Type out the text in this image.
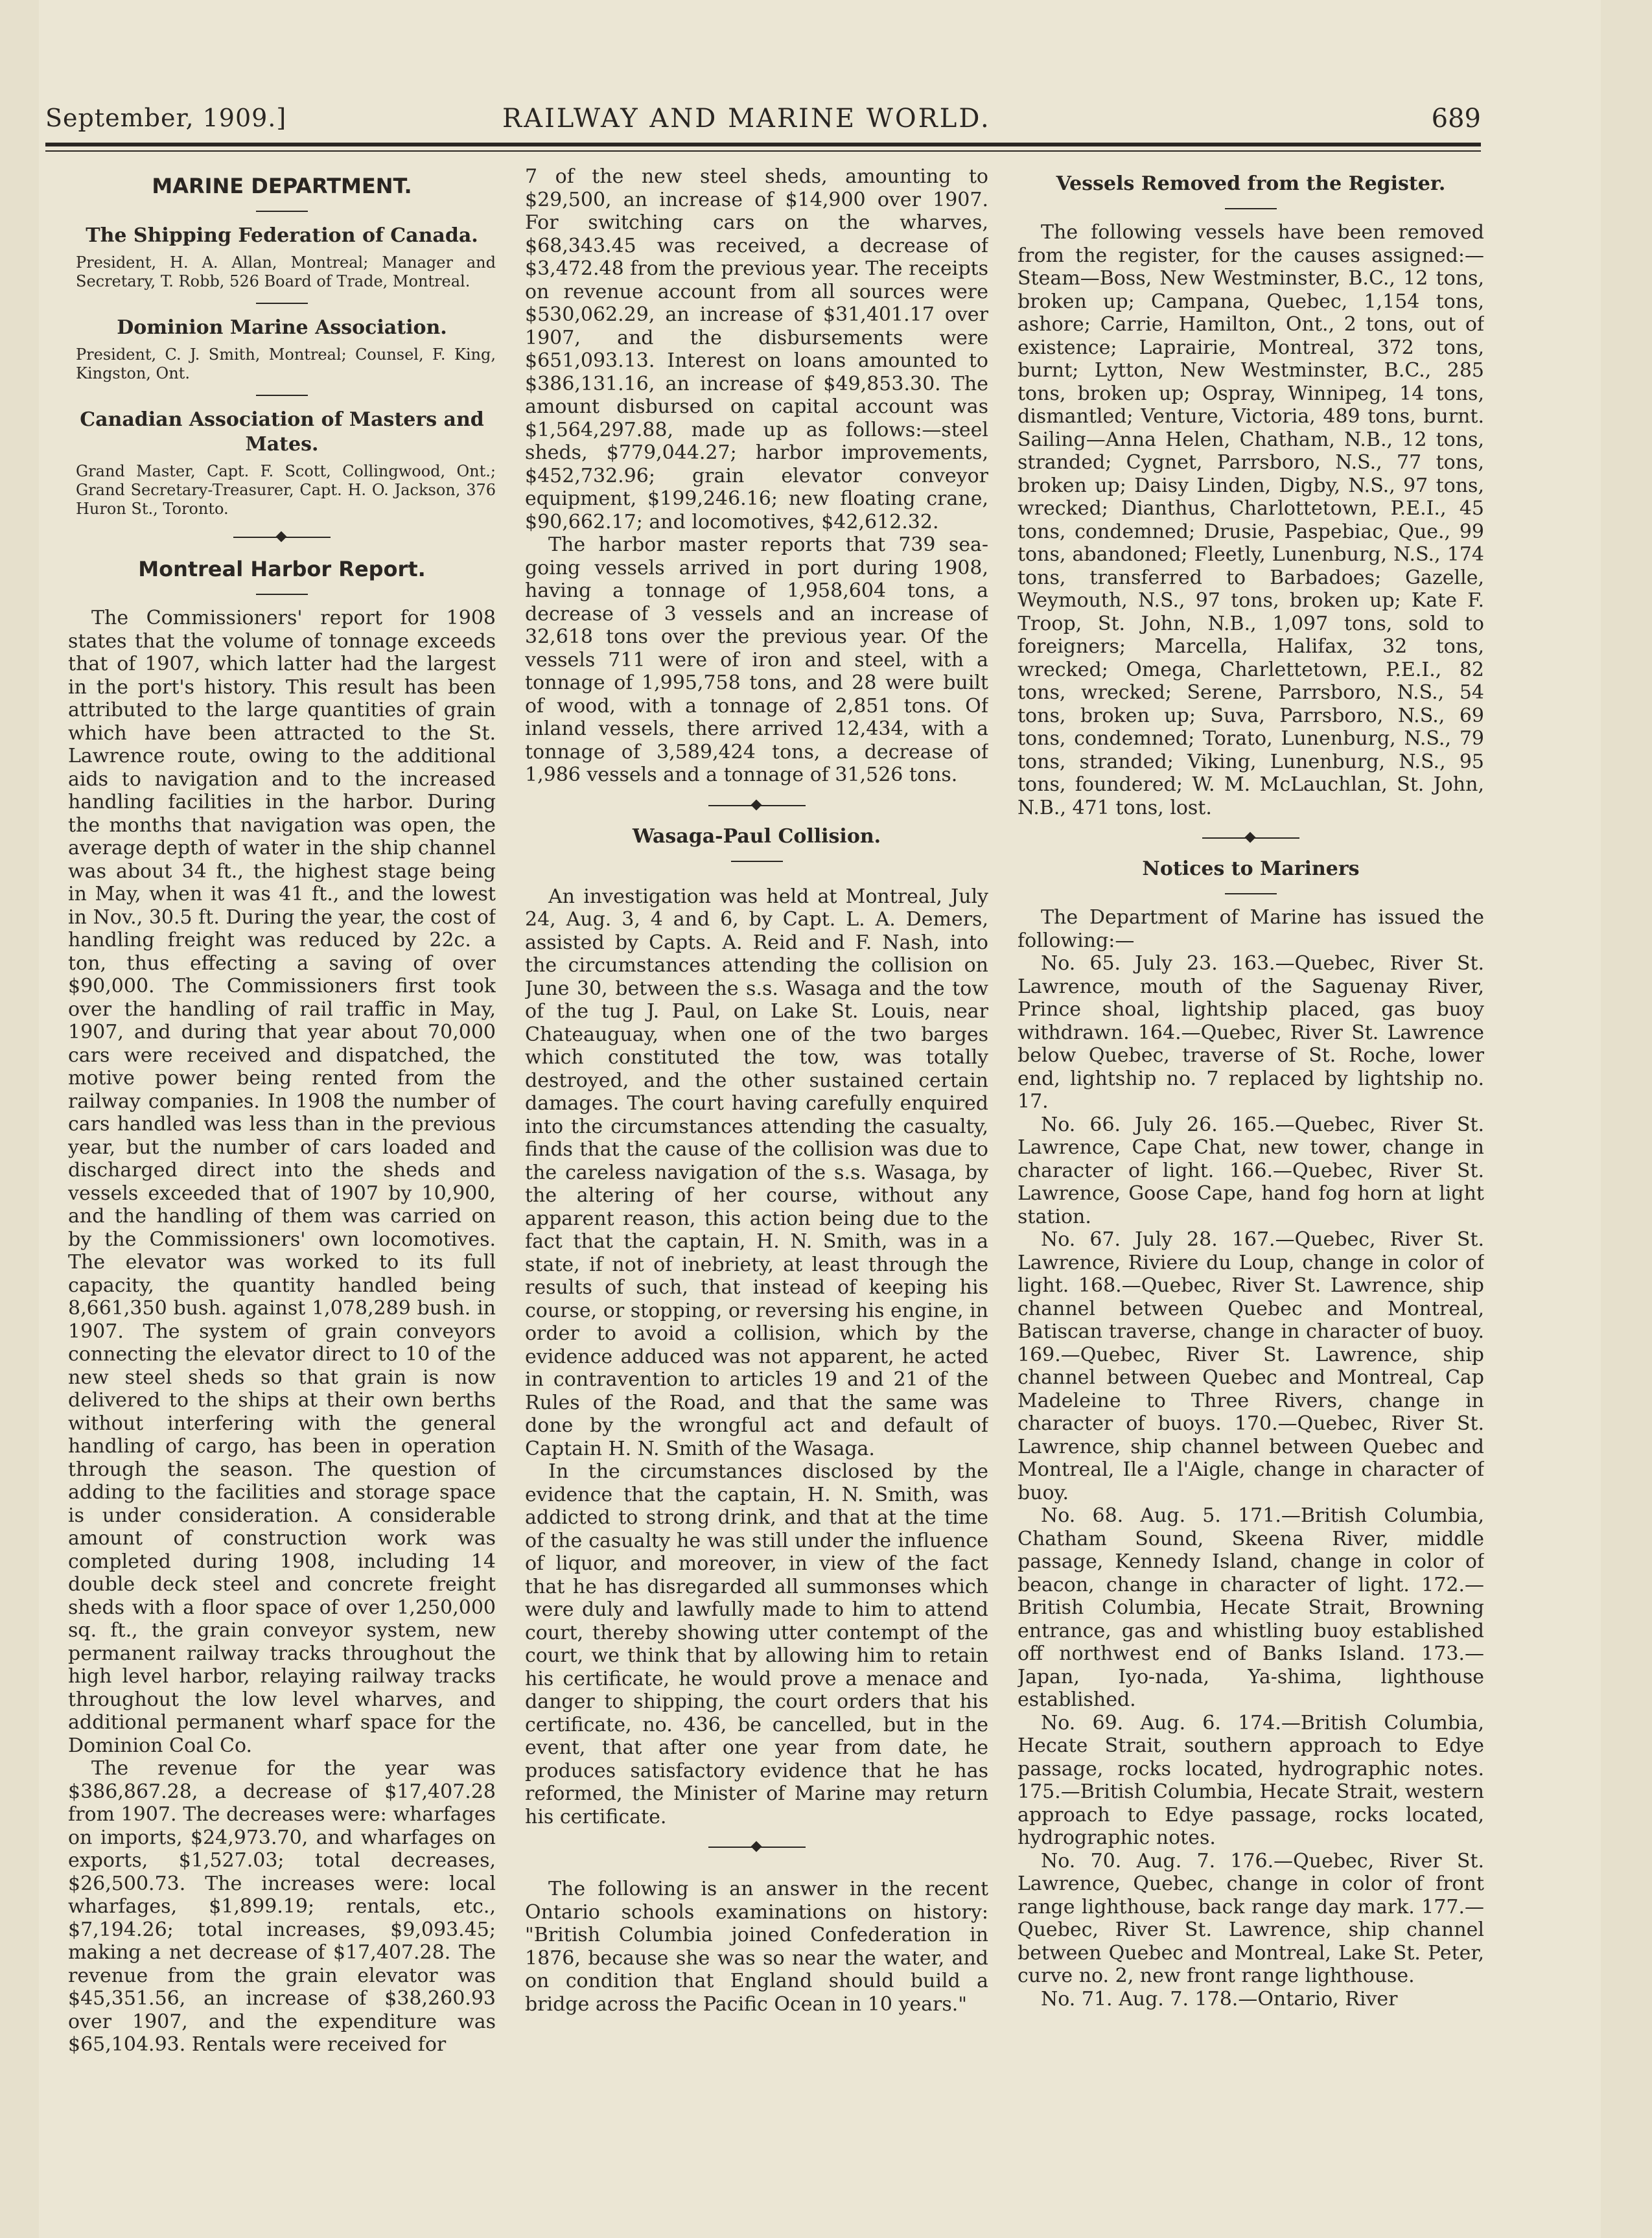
September, 1909.]	RAILWAY AND MARINE WORLD.	689
MARINE DEPARTMENT.
The Shipping Federation of Canada.

President, H. A. Allan, Montreal; Manager and Secretary, T. Robb, 526 Board of Trade, Montreal.

Dominion Marine Association.

President, C. J. Smith, Montreal; Counsel, F. King, Kingston, Ont.

Canadian Association of Masters and Mates.

Grand Master, Capt. F. Scott, Collingwood, Ont.; Grand Secretary-Treasurer, Capt. H. O. Jackson, 376 Huron St., Toronto.

Montreal Harbor Report.

The Commissioners' report for 1908 states that the volume of tonnage exceeds that of 1907, which latter had the largest in the port's history. This result has been attributed to the large quantities of grain which have been attracted to the St. Lawrence route, owing to the additional aids to navigation and to the increased handling facilities in the harbor. During the months that navigation was open, the average depth of water in the ship channel was about 34 ft., the highest stage being in May, when it was 41 ft., and the lowest in Nov., 30.5 ft. During the year, the cost of handling freight was reduced by 22c. a ton, thus effecting a saving of over $90,000. The Commissioners first took over the handling of rail traffic in May, 1907, and during that year about 70,000 cars were received and dispatched, the motive power being rented from the railway companies. In 1908 the number of cars handled was less than in the previous year, but the number of cars loaded and discharged direct into the sheds and vessels exceeded that of 1907 by 10,900, and the handling of them was carried on by the Commissioners' own locomotives. The elevator was worked to its full capacity, the quantity handled being 8,661,350 bush. against 1,078,289 bush. in 1907. The system of grain conveyors connecting the elevator direct to 10 of the new steel sheds so that grain is now delivered to the ships at their own berths without interfering with the general handling of cargo, has been in operation through the season. The question of adding to the facilities and storage space is under consideration. A considerable amount of construction work was completed during 1908, including 14 double deck steel and concrete freight sheds with a floor space of over 1,250,000 sq. ft., the grain conveyor system, new permanent railway tracks throughout the high level harbor, relaying railway tracks throughout the low level wharves, and additional permanent wharf space for the Dominion Coal Co.

The revenue for the year was $386,867.28, a decrease of $17,407.28 from 1907. The decreases were: wharfages on imports, $24,973.70, and wharfages on exports, $1,527.03; total decreases, $26,500.73. The increases were: local wharfages, $1,899.19; rentals, etc., $7,194.26; total increases, $9,093.45; making a net decrease of $17,407.28. The revenue from the grain elevator was $45,351.56, an increase of $38,260.93 over 1907, and the expenditure was $65,104.93. Rentals were received for

7 of the new steel sheds, amounting to $29,500, an increase of $14,900 over 1907. For switching cars on the wharves, $68,343.45 was received, a decrease of $3,472.48 from the previous year. The receipts on revenue account from all sources were $530,062.29, an increase of $31,401.17 over 1907, and the disbursements were $651,093.13. Interest on loans amounted to $386,131.16, an increase of $49,853.30. The amount disbursed on capital account was $1,564,297.88, made up as follows:—steel sheds, $779,044.27; harbor improvements, $452,732.96; grain elevator conveyor equipment, $199,246.16; new floating crane, $90,662.17; and locomotives, $42,612.32.

The harbor master reports that 739 sea-going vessels arrived in port during 1908, having a tonnage of 1,958,604 tons, a decrease of 3 vessels and an increase of 32,618 tons over the previous year. Of the vessels 711 were of iron and steel, with a tonnage of 1,995,758 tons, and 28 were built of wood, with a tonnage of 2,851 tons. Of inland vessels, there arrived 12,434, with a tonnage of 3,589,424 tons, a decrease of 1,986 vessels and a tonnage of 31,526 tons.

Wasaga-Paul Collision.

An investigation was held at Montreal, July 24, Aug. 3, 4 and 6, by Capt. L. A. Demers, assisted by Capts. A. Reid and F. Nash, into the circumstances attending the collision on June 30, between the s.s. Wasaga and the tow of the tug J. Paul, on Lake St. Louis, near Chateauguay, when one of the two barges which constituted the tow, was totally destroyed, and the other sustained certain damages. The court having carefully enquired into the circumstances attending the casualty, finds that the cause of the collision was due to the careless navigation of the s.s. Wasaga, by the altering of her course, without any apparent reason, this action being due to the fact that the captain, H. N. Smith, was in a state, if not of inebriety, at least through the results of such, that instead of keeping his course, or stopping, or reversing his engine, in order to avoid a collision, which by the evidence adduced was not apparent, he acted in contravention to articles 19 and 21 of the Rules of the Road, and that the same was done by the wrongful act and default of Captain H. N. Smith of the Wasaga.

In the circumstances disclosed by the evidence that the captain, H. N. Smith, was addicted to strong drink, and that at the time of the casualty he was still under the influence of liquor, and moreover, in view of the fact that he has disregarded all summonses which were duly and lawfully made to him to attend court, thereby showing utter contempt of the court, we think that by allowing him to retain his certificate, he would prove a menace and danger to shipping, the court orders that his certificate, no. 436, be cancelled, but in the event, that after one year from date, he produces satisfactory evidence that he has reformed, the Minister of Marine may return his certificate.

The following is an answer in the recent Ontario schools examinations on history: "British Columbia joined Confederation in 1876, because she was so near the water, and on condition that England should build a bridge across the Pacific Ocean in 10 years."

Vessels Removed from the Register.

The following vessels have been removed from the register, for the causes assigned:—Steam—Boss, New Westminster, B.C., 12 tons, broken up; Campana, Quebec, 1,154 tons, ashore; Carrie, Hamilton, Ont., 2 tons, out of existence; Laprairie, Montreal, 372 tons, burnt; Lytton, New Westminster, B.C., 285 tons, broken up; Ospray, Winnipeg, 14 tons, dismantled; Venture, Victoria, 489 tons, burnt. Sailing—Anna Helen, Chatham, N.B., 12 tons, stranded; Cygnet, Parrsboro, N.S., 77 tons, broken up; Daisy Linden, Digby, N.S., 97 tons, wrecked; Dianthus, Charlottetown, P.E.I., 45 tons, condemned; Drusie, Paspebiac, Que., 99 tons, abandoned; Fleetly, Lunenburg, N.S., 174 tons, transferred to Barbadoes; Gazelle, Weymouth, N.S., 97 tons, broken up; Kate F. Troop, St. John, N.B., 1,097 tons, sold to foreigners; Marcella, Halifax, 32 tons, wrecked; Omega, Charlettetown, P.E.I., 82 tons, wrecked; Serene, Parrsboro, N.S., 54 tons, broken up; Suva, Parrsboro, N.S., 69 tons, condemned; Torato, Lunenburg, N.S., 79 tons, stranded; Viking, Lunenburg, N.S., 95 tons, foundered; W. M. McLauchlan, St. John, N.B., 471 tons, lost.

Notices to Mariners

The Department of Marine has issued the following:—

No. 65. July 23. 163.—Quebec, River St. Lawrence, mouth of the Saguenay River, Prince shoal, lightship placed, gas buoy withdrawn. 164.—Quebec, River St. Lawrence below Quebec, traverse of St. Roche, lower end, lightship no. 7 replaced by lightship no. 17.

No. 66. July 26. 165.—Quebec, River St. Lawrence, Cape Chat, new tower, change in character of light. 166.—Quebec, River St. Lawrence, Goose Cape, hand fog horn at light station.

No. 67. July 28. 167.—Quebec, River St. Lawrence, Riviere du Loup, change in color of light. 168.—Quebec, River St. Lawrence, ship channel between Quebec and Montreal, Batiscan traverse, change in character of buoy. 169.—Quebec, River St. Lawrence, ship channel between Quebec and Montreal, Cap Madeleine to Three Rivers, change in character of buoys. 170.—Quebec, River St. Lawrence, ship channel between Quebec and Montreal, Ile a l'Aigle, change in character of buoy.

No. 68. Aug. 5. 171.—British Columbia, Chatham Sound, Skeena River, middle passage, Kennedy Island, change in color of beacon, change in character of light. 172.—British Columbia, Hecate Strait, Browning entrance, gas and whistling buoy established off northwest end of Banks Island. 173.—Japan, Iyo-nada, Ya-shima, lighthouse established.

No. 69. Aug. 6. 174.—British Columbia, Hecate Strait, southern approach to Edye passage, rocks located, hydrographic notes. 175.—British Columbia, Hecate Strait, western approach to Edye passage, rocks located, hydrographic notes.

No. 70. Aug. 7. 176.—Quebec, River St. Lawrence, Quebec, change in color of front range lighthouse, back range day mark. 177.—Quebec, River St. Lawrence, ship channel between Quebec and Montreal, Lake St. Peter, curve no. 2, new front range lighthouse.

No. 71. Aug. 7. 178.—Ontario, River
